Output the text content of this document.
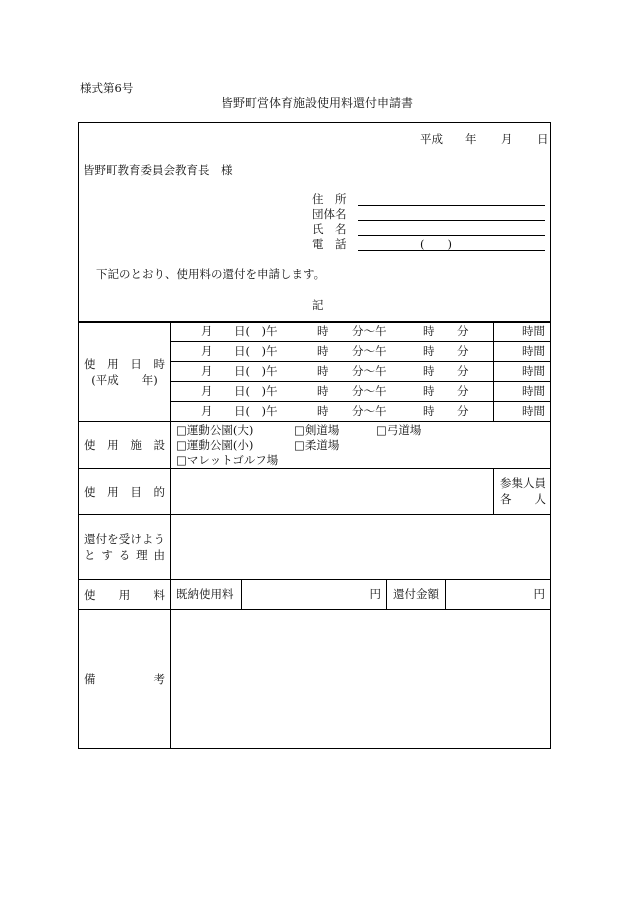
様式第6号
皆野町営体育施設使用料還付申請書
平成 年 月 日
皆野町教育委員会教育長　様
住　所
団体名
氏　名
電　話	(　　)
下記のとおり、使用料の還付を申請します。
記
使 用 日 時
(平成　　年)
月 日(　)午	時 分〜午	時 分	時間
月 日(　)午	時 分〜午	時 分	時間
月 日(　)午	時 分〜午	時 分	時間
月 日(　)午	時 分〜午	時 分	時間
月 日(　)午	時 分〜午	時 分	時間
使 用 施 設
□運動公園(大)	□剣道場	□弓道場
□運動公園(小)	□柔道場
□マレットゴルフ場
使 用 目 的
参集人員
各 人
還付を受けよう
と す る 理 由
使 用 料 既納使用料	円	還付金額	円
備 考
